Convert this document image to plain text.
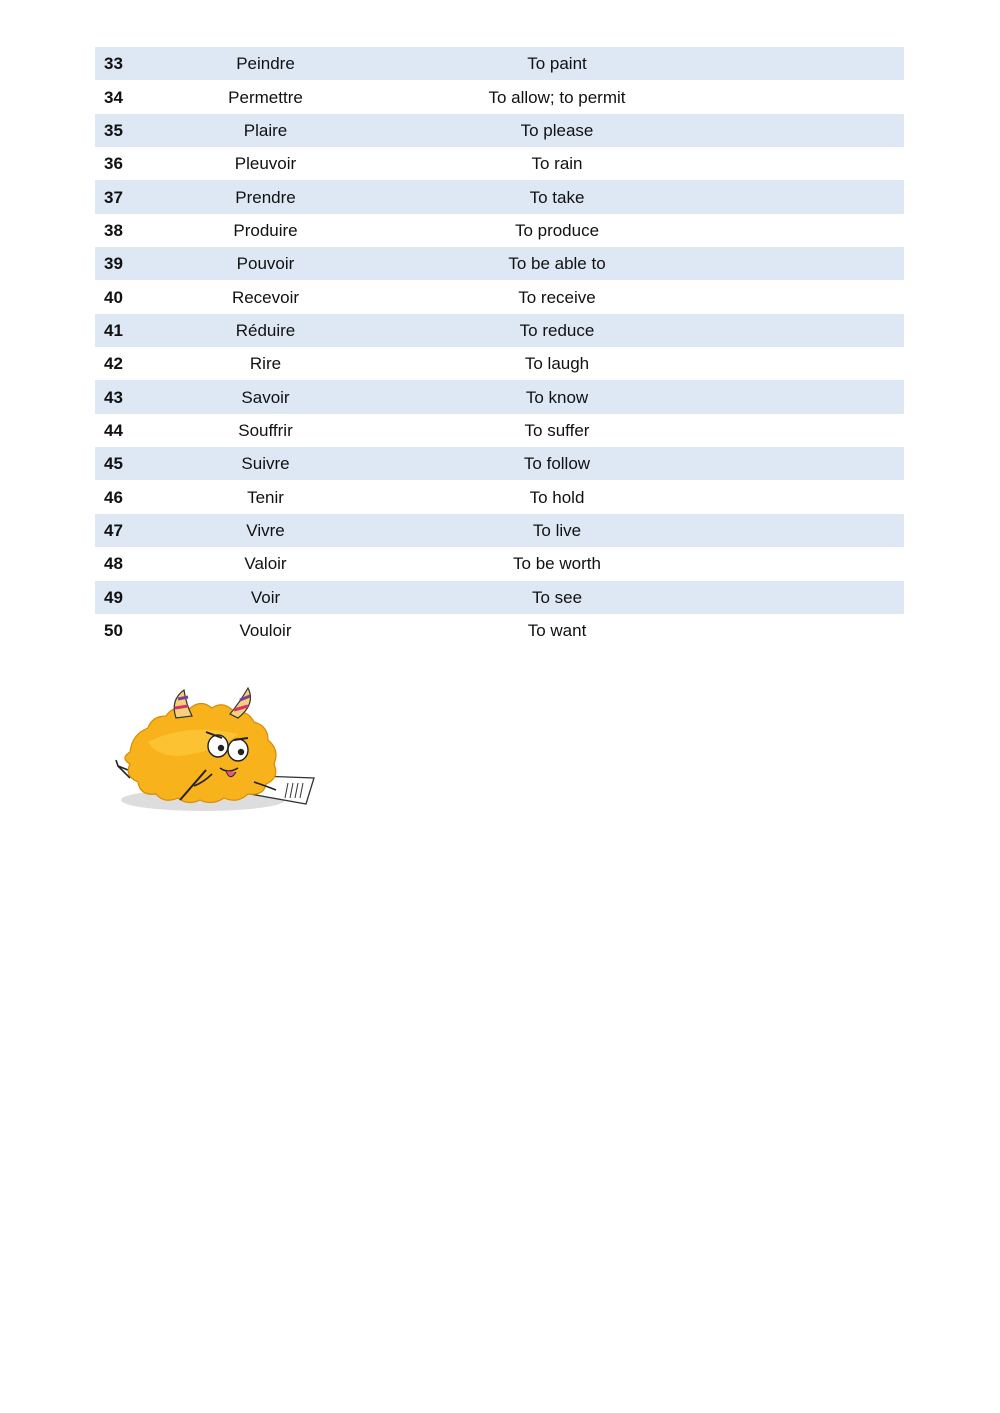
33	Peindre	To paint	
34	Permettre	To allow; to permit	
35	Plaire	To please	
36	Pleuvoir	To rain	
37	Prendre	To take	
38	Produire	To produce	
39	Pouvoir	To be able to	
40	Recevoir	To receive	
41	Réduire	To reduce	
42	Rire	To laugh	
43	Savoir	To know	
44	Souffrir	To suffer	
45	Suivre	To follow	
46	Tenir	To hold	
47	Vivre	To live	
48	Valoir	To be worth	
49	Voir	To see	
50	Vouloir	To want	
